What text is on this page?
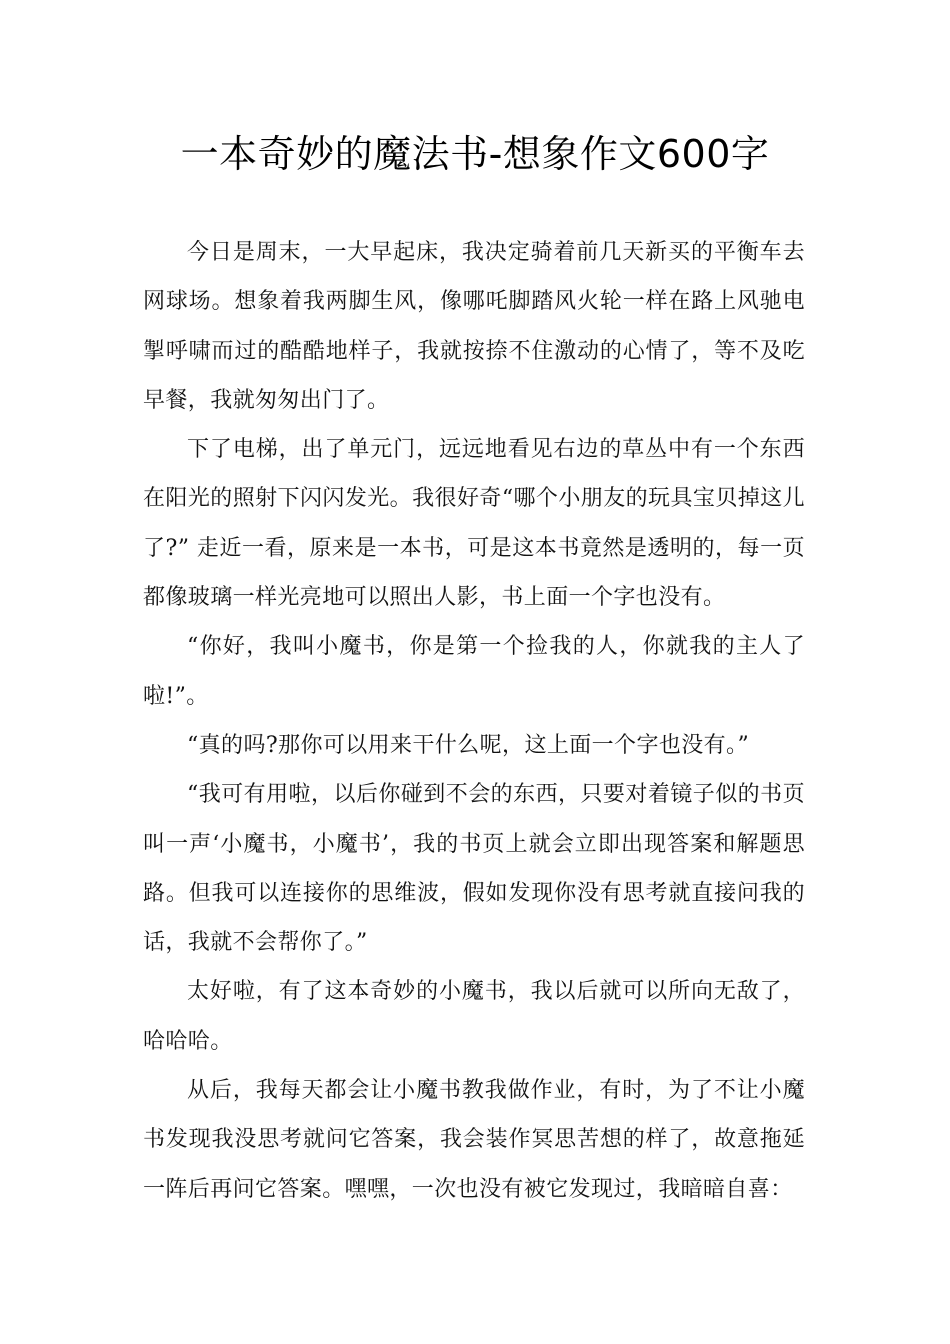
一本奇妙的魔法书-想象作文600字

今日是周末，一大早起床，我决定骑着前几天新买的平衡车去网球场。想象着我两脚生风，像哪吒脚踏风火轮一样在路上风驰电掣呼啸而过的酷酷地样子，我就按捺不住激动的心情了，等不及吃早餐，我就匆匆出门了。

下了电梯，出了单元门，远远地看见右边的草丛中有一个东西在阳光的照射下闪闪发光。我很好奇“哪个小朋友的玩具宝贝掉这儿了?” 走近一看，原来是一本书，可是这本书竟然是透明的，每一页都像玻璃一样光亮地可以照出人影，书上面一个字也没有。

“你好，我叫小魔书，你是第一个捡我的人，你就我的主人了啦!”。

“真的吗?那你可以用来干什么呢，这上面一个字也没有。”

“我可有用啦，以后你碰到不会的东西，只要对着镜子似的书页叫一声‘小魔书，小魔书’，我的书页上就会立即出现答案和解题思路。但我可以连接你的思维波，假如发现你没有思考就直接问我的话，我就不会帮你了。”

太好啦，有了这本奇妙的小魔书，我以后就可以所向无敌了，哈哈哈。

从后，我每天都会让小魔书教我做作业，有时，为了不让小魔书发现我没思考就问它答案，我会装作冥思苦想的样了，故意拖延一阵后再问它答案。嘿嘿，一次也没有被它发现过，我暗暗自喜：
